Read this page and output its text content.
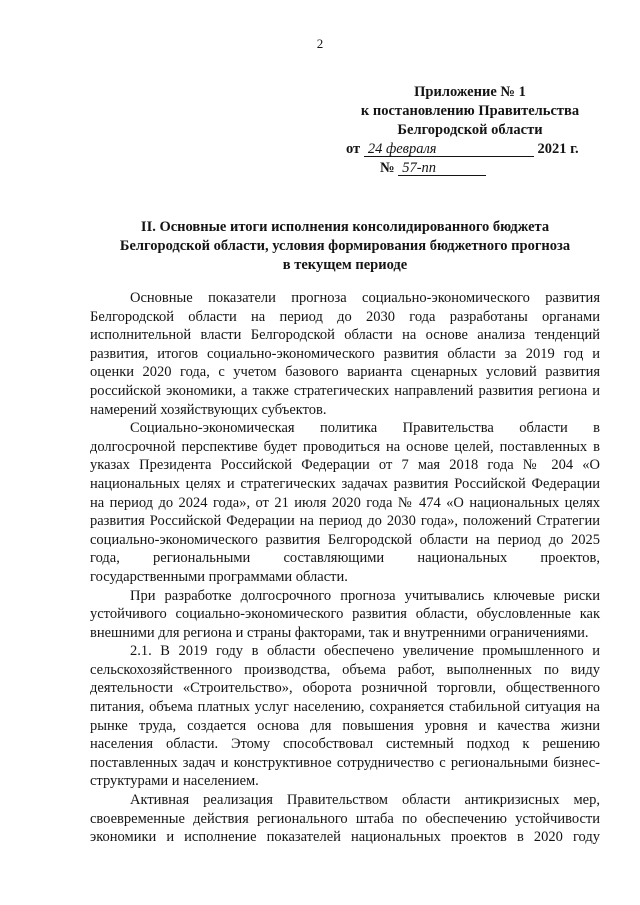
2
Приложение № 1
к постановлению Правительства
Белгородской области
от 24 февраля	2021 г.
№ 57-пп
II. Основные итоги исполнения консолидированного бюджета
Белгородской области, условия формирования бюджетного прогноза
в текущем периоде

Основные показатели прогноза социально-экономического развития Белгородской области на период до 2030 года разработаны органами исполнительной власти Белгородской области на основе анализа тенденций развития, итогов социально-экономического развития области за 2019 год и оценки 2020 года, с учетом базового варианта сценарных условий развития российской экономики, а также стратегических направлений развития региона и намерений хозяйствующих субъектов.

Социально-экономическая политика Правительства области в долгосрочной перспективе будет проводиться на основе целей, поставленных в указах Президента Российской Федерации от 7 мая 2018 года № 204 «О национальных целях и стратегических задачах развития Российской Федерации на период до 2024 года», от 21 июля 2020 года № 474 «О национальных целях развития Российской Федерации на период до 2030 года», положений Стратегии социально-экономического развития Белгородской области на период до 2025 года, региональными составляющими национальных проектов, государственными программами области.

При разработке долгосрочного прогноза учитывались ключевые риски устойчивого социально-экономического развития области, обусловленные как внешними для региона и страны факторами, так и внутренними ограничениями.

2.1. В 2019 году в области обеспечено увеличение промышленного и сельскохозяйственного производства, объема работ, выполненных по виду деятельности «Строительство», оборота розничной торговли, общественного питания, объема платных услуг населению, сохраняется стабильной ситуация на рынке труда, создается основа для повышения уровня и качества жизни населения области. Этому способствовал системный подход к решению поставленных задач и конструктивное сотрудничество с региональными бизнес-структурами и населением.

Активная реализация Правительством области антикризисных мер, своевременные действия регионального штаба по обеспечению устойчивости экономики и исполнение показателей национальных проектов в 2020 году
